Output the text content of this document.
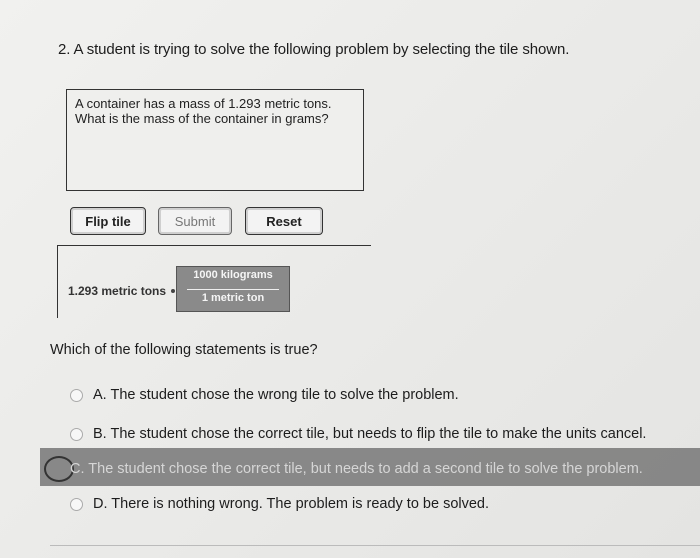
2. A student is trying to solve the following problem by selecting the tile shown.
A container has a mass of 1.293 metric tons.
What is the mass of the container in grams?
Flip tile	Submit	Reset
1.293 metric tons
1000 kilograms
1 metric ton
Which of the following statements is true?
A. The student chose the wrong tile to solve the problem.
B. The student chose the correct tile, but needs to flip the tile to make the units cancel.
C. The student chose the correct tile, but needs to add a second tile to solve the problem.
D. There is nothing wrong. The problem is ready to be solved.
